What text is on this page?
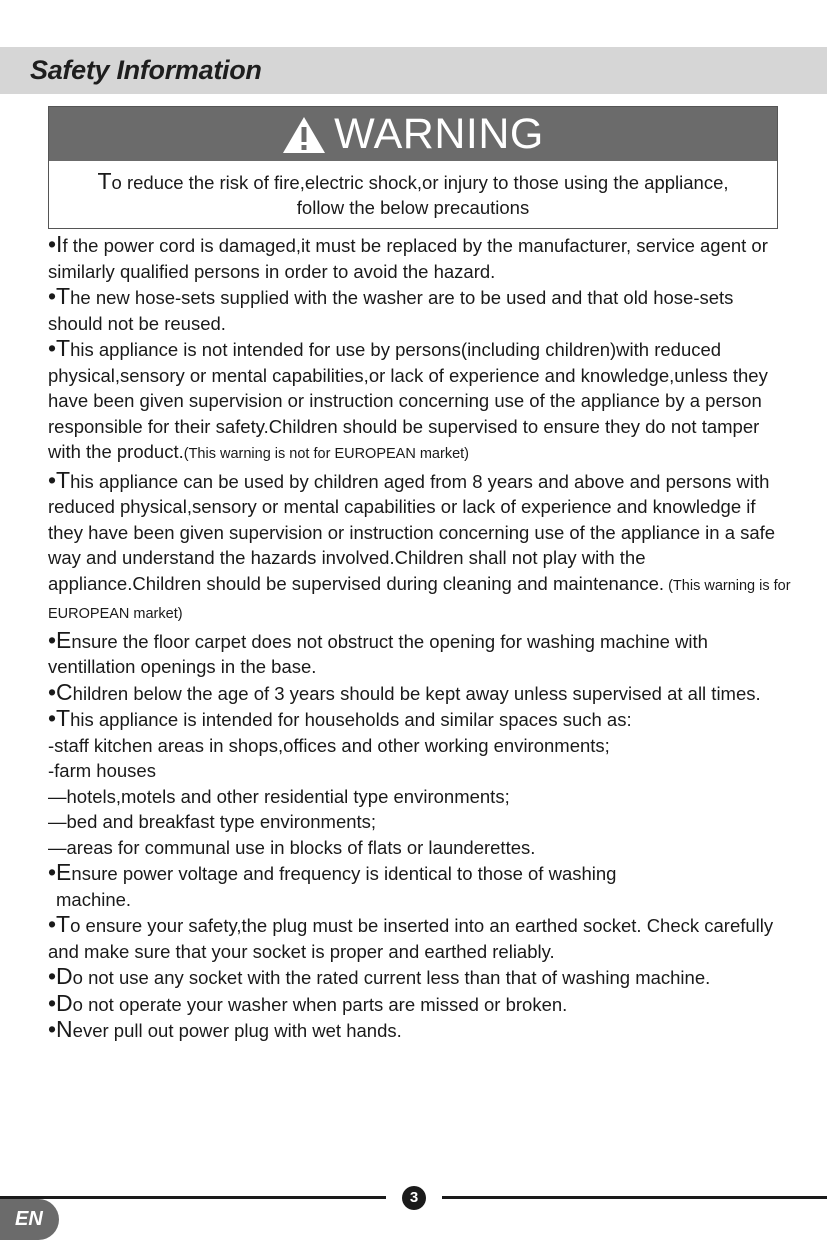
Safety Information
WARNING
To reduce the risk of fire,electric shock,or injury to those using the appliance,
follow the below precautions

•If the power cord is damaged,it must be replaced by the manufacturer, service agent or similarly qualified persons in order to avoid the hazard.

•The new hose-sets supplied with the washer are to be used and that old hose-sets should not be reused.

•This appliance is not intended for use by persons(including children)with reduced physical,sensory or mental capabilities,or lack of experience and knowledge,unless they have been given supervision or instruction concerning use of the appliance by a person responsible for their safety.Children should be supervised to ensure they do not tamper with the product.(This warning is not for EUROPEAN market)

•This appliance can be used by children aged from 8 years and above and persons with reduced physical,sensory or mental capabilities or lack of experience and knowledge if they have been given supervision or instruction concerning use of the appliance in a safe way and understand the hazards involved.Children shall not play with the appliance.Children should be supervised during cleaning and maintenance. (This warning is for EUROPEAN market)

•Ensure the floor carpet does not obstruct the opening for washing machine with ventillation openings in the base.

•Children below the age of 3 years should be kept away unless supervised at all times.

•This appliance is intended for households and similar spaces such as:

-staff kitchen areas in shops,offices and other working environments;

-farm houses

—hotels,motels and other residential type environments;

—bed and breakfast type environments;

—areas for communal use in blocks of flats or launderettes.

•Ensure power voltage and frequency is identical to those of washing

machine.

•To ensure your safety,the plug must be inserted into an earthed socket. Check carefully and make sure that your socket is proper and earthed reliably.

•Do not use any socket with the rated current less than that of washing machine.

•Do not operate your washer when parts are missed or broken.

•Never pull out power plug with wet hands.

3
EN
